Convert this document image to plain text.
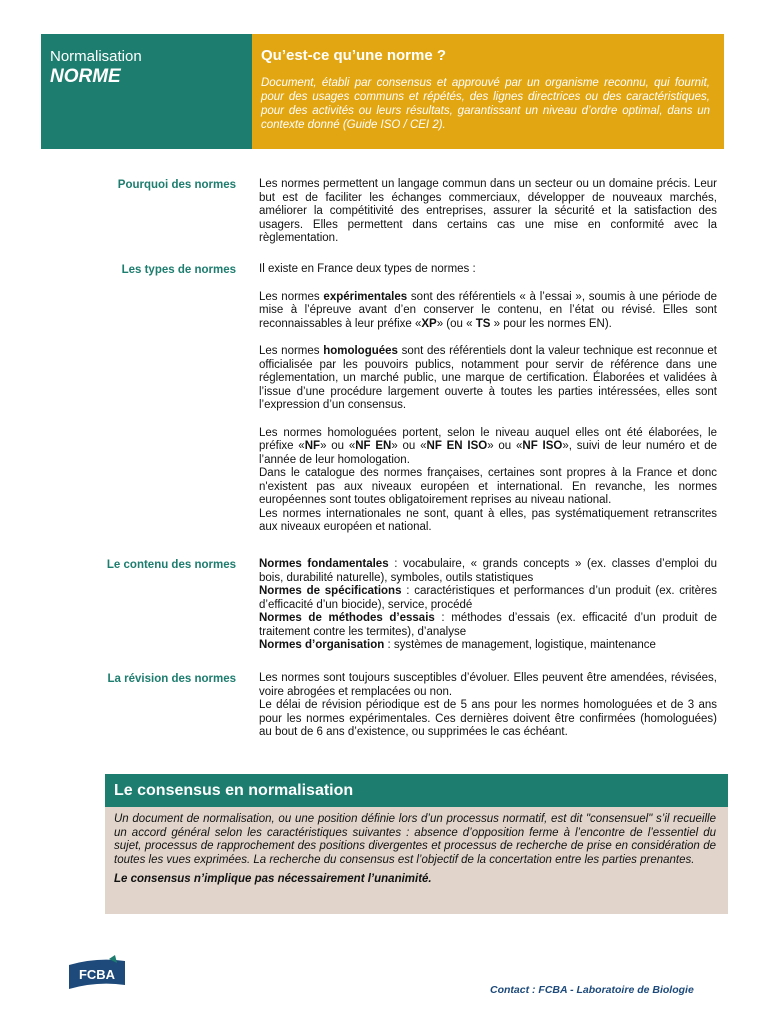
Normalisation
NORME
Qu’est-ce qu’une norme ?
Document, établi par consensus et approuvé par un organisme reconnu, qui fournit, pour des usages communs et répétés, des lignes directrices ou des caractéristiques, pour des activités ou leurs résultats, garantissant un niveau d’ordre optimal, dans un contexte donné (Guide ISO / CEI 2).
Pourquoi des normes Les normes permettent un langage commun dans un secteur ou un domaine précis. Leur but est de faciliter les échanges commerciaux, développer de nouveaux marchés, améliorer la compétitivité des entreprises, assurer la sécurité et la satisfaction des usagers. Elles permettent dans certains cas une mise en conformité avec la règlementation.

Les types de normes Il existe en France deux types de normes :

Les normes expérimentales sont des référentiels « à l’essai », soumis à une période de mise à l’épreuve avant d’en conserver le contenu, en l’état ou révisé. Elles sont reconnaissables à leur préfixe «XP» (ou « TS » pour les normes EN).

Les normes homologuées sont des référentiels dont la valeur technique est reconnue et officialisée par les pouvoirs publics, notamment pour servir de référence dans une réglementation, un marché public, une marque de certification. Élaborées et validées à l’issue d’une procédure largement ouverte à toutes les parties intéressées, elles sont l’expression d’un consensus.

Les normes homologuées portent, selon le niveau auquel elles ont été élaborées, le préfixe «NF» ou «NF EN» ou «NF EN ISO» ou «NF ISO», suivi de leur numéro et de l’année de leur homologation.

Dans le catalogue des normes françaises, certaines sont propres à la France et donc n'existent pas aux niveaux européen et international. En revanche, les normes européennes sont toutes obligatoirement reprises au niveau national.

Les normes internationales ne sont, quant à elles, pas systématiquement retranscrites aux niveaux européen et national.

Le contenu des normes Normes fondamentales : vocabulaire, « grands concepts » (ex. classes d’emploi du bois, durabilité naturelle), symboles, outils statistiques

Normes de spécifications : caractéristiques et performances d’un produit (ex. critères d’efficacité d’un biocide), service, procédé

Normes de méthodes d’essais : méthodes d’essais (ex. efficacité d’un produit de traitement contre les termites), d’analyse

Normes d’organisation : systèmes de management, logistique, maintenance

La révision des normes Les normes sont toujours susceptibles d’évoluer. Elles peuvent être amendées, révisées, voire abrogées et remplacées ou non.

Le délai de révision périodique est de 5 ans pour les normes homologuées et de 3 ans pour les normes expérimentales. Ces dernières doivent être confirmées (homologuées) au bout de 6 ans d’existence, ou supprimées le cas échéant.

Le consensus en normalisation
Un document de normalisation, ou une position définie lors d’un processus normatif, est dit "consensuel" s’il recueille un accord général selon les caractéristiques suivantes : absence d’opposition ferme à l’encontre de l’essentiel du sujet, processus de rapprochement des positions divergentes et processus de recherche de prise en considération de toutes les vues exprimées. La recherche du consensus est l’objectif de la concertation entre les parties prenantes.
Le consensus n’implique pas nécessairement l’unanimité.
FCBA
Contact : FCBA - Laboratoire de Biologie
